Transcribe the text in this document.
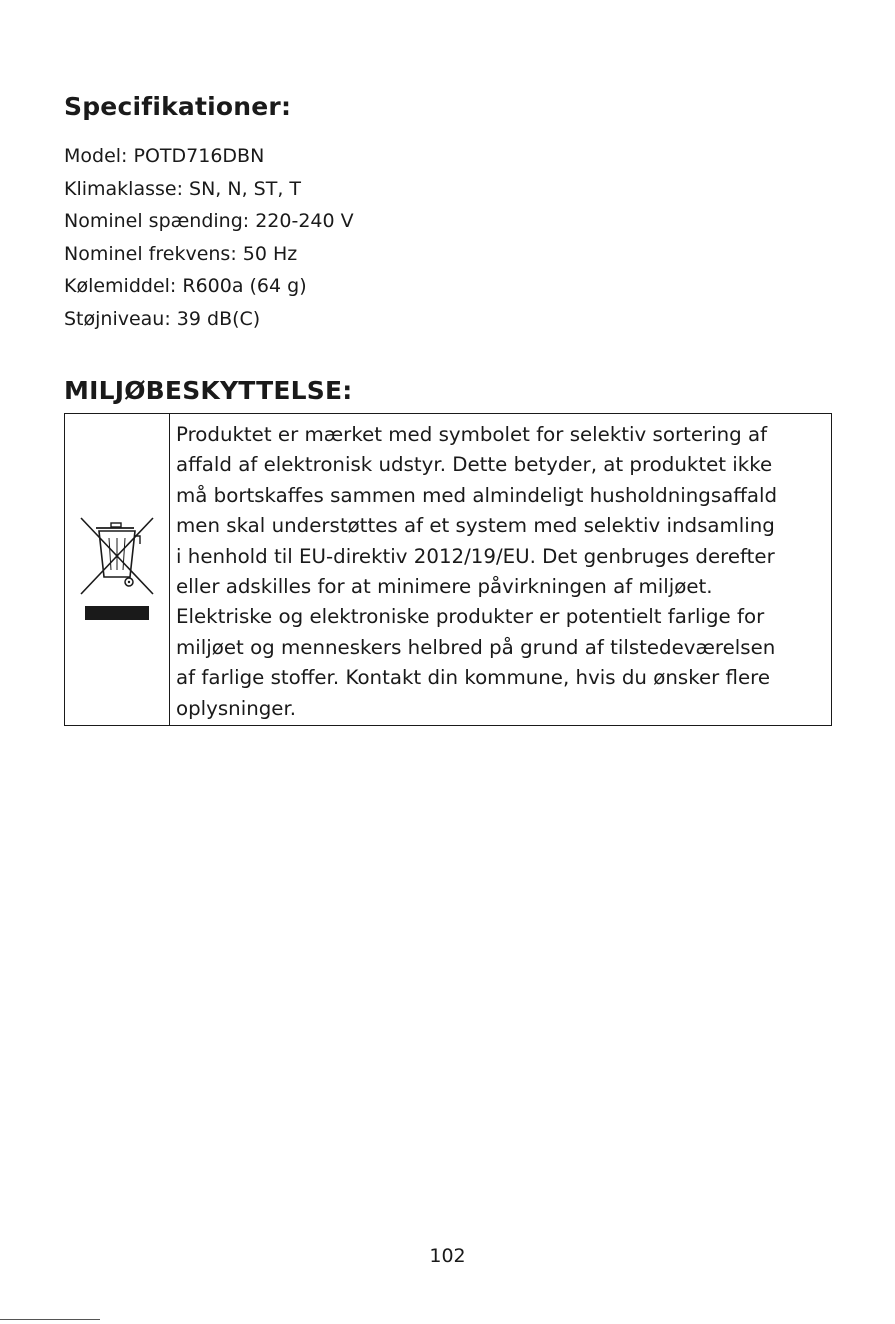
Specifikationer:
Model: POTD716DBN
Klimaklasse: SN, N, ST, T
Nominel spænding: 220-240 V
Nominel frekvens: 50 Hz
Kølemiddel: R600a (64 g)
Støjniveau: 39 dB(C)
MILJØBESKYTTELSE:
Produktet er mærket med symbolet for selektiv sortering af
affald af elektronisk udstyr. Dette betyder, at produktet ikke
må bortskaffes sammen med almindeligt husholdningsaffald
men skal understøttes af et system med selektiv indsamling
i henhold til EU-direktiv 2012/19/EU. Det genbruges derefter
eller adskilles for at minimere påvirkningen af miljøet.
Elektriske og elektroniske produkter er potentielt farlige for
miljøet og menneskers helbred på grund af tilstedeværelsen
af farlige stoffer. Kontakt din kommune, hvis du ønsker flere
oplysninger.
102
